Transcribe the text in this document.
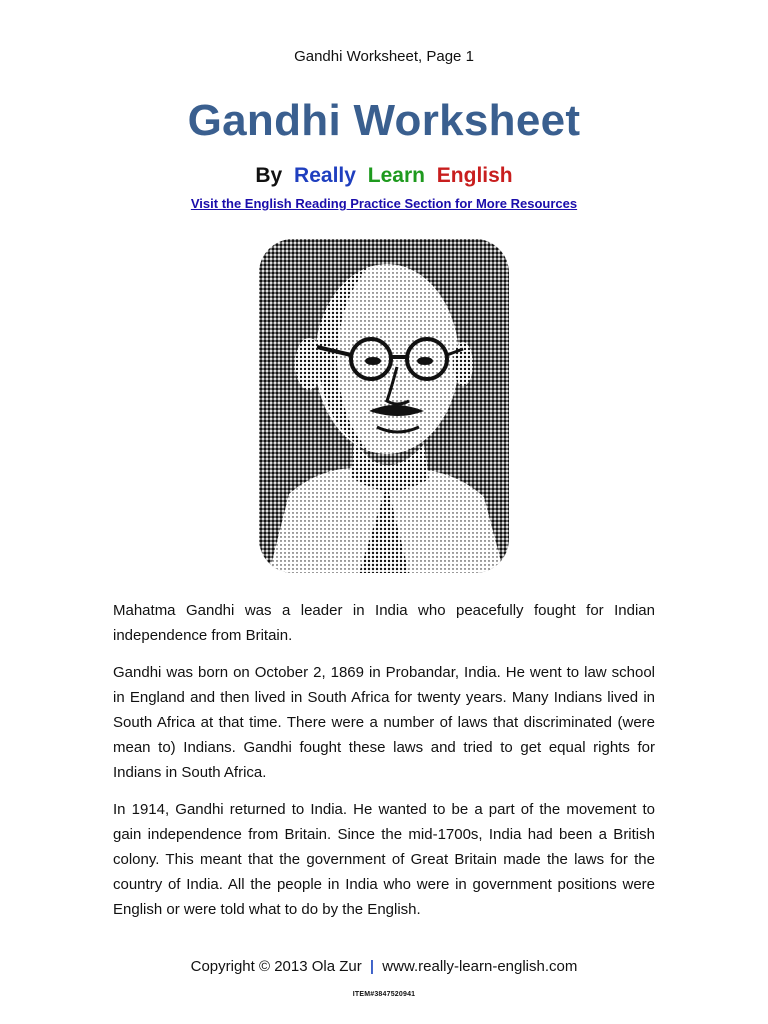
Gandhi Worksheet, Page 1
Gandhi Worksheet
By Really Learn English
Visit the English Reading Practice Section for More Resources

Mahatma Gandhi was a leader in India who peacefully fought for Indian independence from Britain.

Gandhi was born on October 2, 1869 in Probandar, India. He went to law school in England and then lived in South Africa for twenty years. Many Indians lived in South Africa at that time. There were a number of laws that discriminated (were mean to) Indians. Gandhi fought these laws and tried to get equal rights for Indians in South Africa.

In 1914, Gandhi returned to India. He wanted to be a part of the movement to gain independence from Britain. Since the mid-1700s, India had been a British colony. This meant that the government of Great Britain made the laws for the country of India. All the people in India who were in government positions were English or were told what to do by the English.

Copyright © 2013 Ola Zur | www.really-learn-english.com
ITEM#3847520941
